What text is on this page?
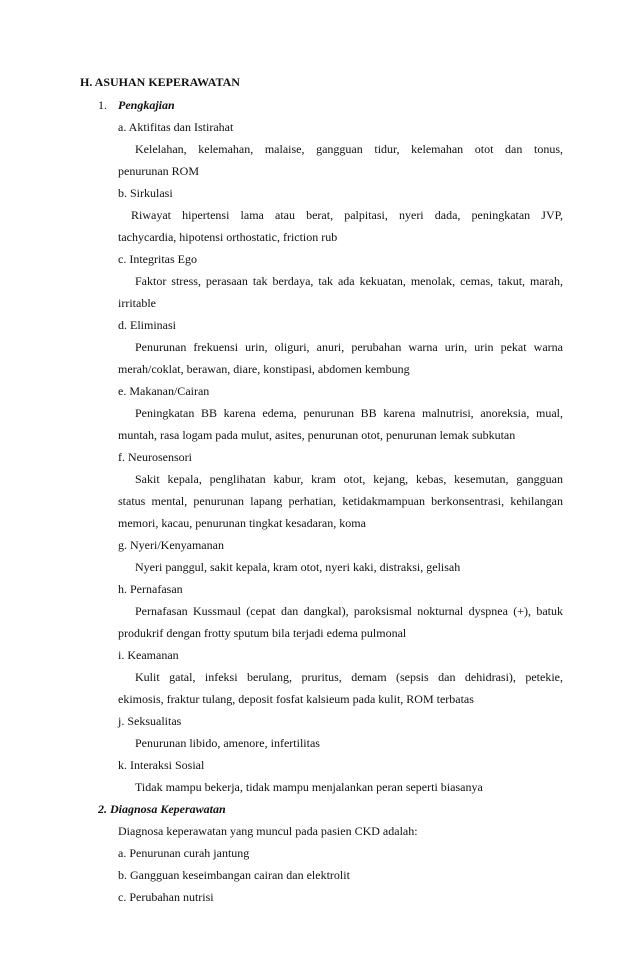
H. ASUHAN KEPERAWATAN
1. Pengkajian
a. Aktifitas dan Istirahat
Kelelahan, kelemahan, malaise, gangguan tidur, kelemahan otot dan tonus,
penurunan ROM
b. Sirkulasi
Riwayat hipertensi lama atau berat, palpitasi, nyeri dada, peningkatan JVP,
tachycardia, hipotensi orthostatic, friction rub
c. Integritas Ego
Faktor stress, perasaan tak berdaya, tak ada kekuatan, menolak, cemas, takut, marah,
irritable
d. Eliminasi
Penurunan frekuensi urin, oliguri, anuri, perubahan warna urin, urin pekat warna
merah/coklat, berawan, diare, konstipasi, abdomen kembung
e. Makanan/Cairan
Peningkatan BB karena edema, penurunan BB karena malnutrisi, anoreksia, mual,
muntah, rasa logam pada mulut, asites, penurunan otot, penurunan lemak subkutan
f. Neurosensori
Sakit kepala, penglihatan kabur, kram otot, kejang, kebas, kesemutan, gangguan
status mental, penurunan lapang perhatian, ketidakmampuan berkonsentrasi, kehilangan
memori, kacau, penurunan tingkat kesadaran, koma
g. Nyeri/Kenyamanan
Nyeri panggul, sakit kepala, kram otot, nyeri kaki, distraksi, gelisah
h. Pernafasan
Pernafasan Kussmaul (cepat dan dangkal), paroksismal nokturnal dyspnea (+), batuk
produkrif dengan frotty sputum bila terjadi edema pulmonal
i. Keamanan
Kulit gatal, infeksi berulang, pruritus, demam (sepsis dan dehidrasi), petekie,
ekimosis, fraktur tulang, deposit fosfat kalsieum pada kulit, ROM terbatas
j. Seksualitas
Penurunan libido, amenore, infertilitas
k. Interaksi Sosial
Tidak mampu bekerja, tidak mampu menjalankan peran seperti biasanya
2. Diagnosa Keperawatan
Diagnosa keperawatan yang muncul pada pasien CKD adalah:
a. Penurunan curah jantung
b. Gangguan keseimbangan cairan dan elektrolit
c. Perubahan nutrisi
